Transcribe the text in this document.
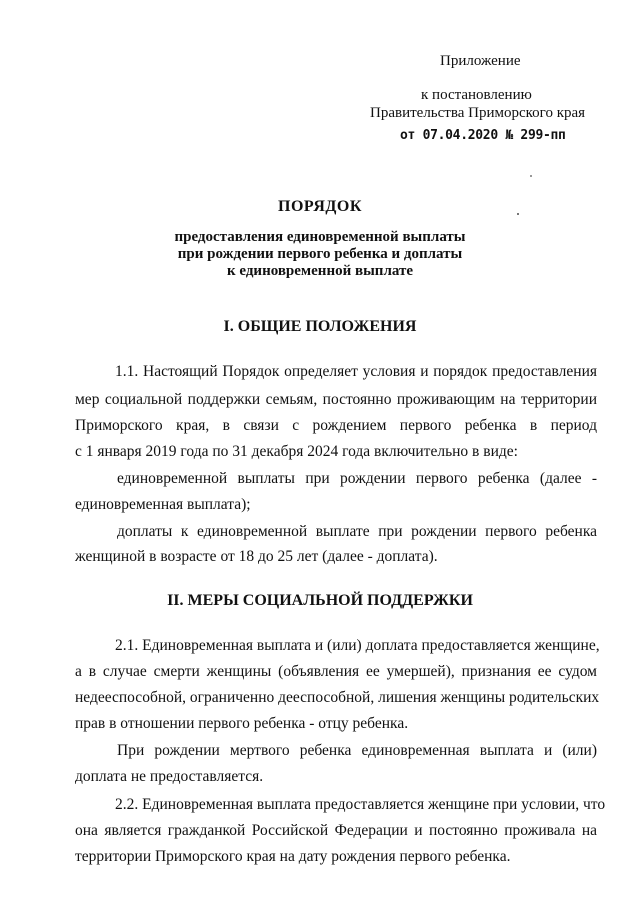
Приложение
к постановлению
Правительства Приморского края
от 07.04.2020 № 299-пп
ПОРЯДОК
предоставления единовременной выплаты
при рождении первого ребенка и доплаты
к единовременной выплате
I. ОБЩИЕ ПОЛОЖЕНИЯ
1.1. Настоящий Порядок определяет условия и порядок предоставления
мер социальной поддержки семьям, постоянно проживающим на территории
Приморского края, в связи с рождением первого ребенка в период
с 1 января 2019 года по 31 декабря 2024 года включительно в виде:
единовременной выплаты при рождении первого ребенка (далее -
единовременная выплата);
доплаты к единовременной выплате при рождении первого ребенка
женщиной в возрасте от 18 до 25 лет (далее - доплата).
II. МЕРЫ СОЦИАЛЬНОЙ ПОДДЕРЖКИ
2.1. Единовременная выплата и (или) доплата предоставляется женщине,
а в случае смерти женщины (объявления ее умершей), признания ее судом
недееспособной, ограниченно дееспособной, лишения женщины родительских
прав в отношении первого ребенка - отцу ребенка.
При рождении мертвого ребенка единовременная выплата и (или)
доплата не предоставляется.
2.2. Единовременная выплата предоставляется женщине при условии, что
она является гражданкой Российской Федерации и постоянно проживала на
территории Приморского края на дату рождения первого ребенка.
